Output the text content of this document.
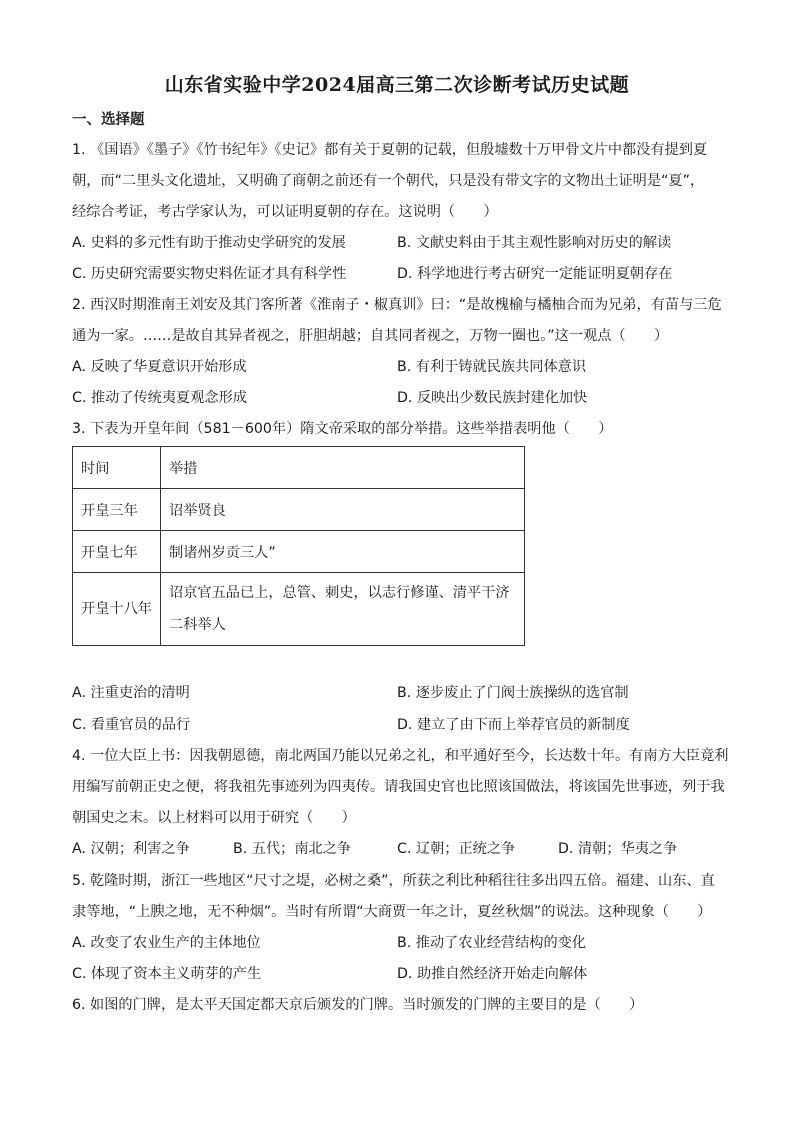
山东省实验中学2024届高三第二次诊断考试历史试题
一、选择题
1. 《国语》《墨子》《竹书纪年》《史记》都有关于夏朝的记载，但殷墟数十万甲骨文片中都没有提到夏
朝，而“二里头文化遗址，又明确了商朝之前还有一个朝代，只是没有带文字的文物出土证明是“夏”，
经综合考证，考古学家认为，可以证明夏朝的存在。这说明（　　）
A. 史料的多元性有助于推动史学研究的发展	B. 文献史料由于其主观性影响对历史的解读
C. 历史研究需要实物史料佐证才具有科学性	D. 科学地进行考古研究一定能证明夏朝存在
2. 西汉时期淮南王刘安及其门客所著《淮南子・椒真训》曰：“是故槐榆与橘柚合而为兄弟，有苗与三危
通为一家。……是故自其异者视之，肝胆胡越；自其同者视之，万物一圈也。”这一观点（　　）
A. 反映了华夏意识开始形成	B. 有利于铸就民族共同体意识
C. 推动了传统夷夏观念形成	D. 反映出少数民族封建化加快
3. 下表为开皇年间（581－600年）隋文帝采取的部分举措。这些举措表明他（　　）
时间	举措
开皇三年	诏举贤良
开皇七年	制诸州岁贡三人”
开皇十八年	诏京官五品已上，总管、刺史，以志行修谨、清平干济二科举人
A. 注重吏治的清明	B. 逐步废止了门阀士族操纵的选官制
C. 看重官员的品行	D. 建立了由下而上举荐官员的新制度
4. 一位大臣上书：因我朝恩德，南北两国乃能以兄弟之礼，和平通好至今，长达数十年。有南方大臣竟利
用编写前朝正史之便，将我祖先事迹列为四夷传。请我国史官也比照该国做法，将该国先世事迹，列于我
朝国史之末。以上材料可以用于研究（　　）
A. 汉朝；利害之争	B. 五代；南北之争	C. 辽朝；正统之争	D. 清朝；华夷之争
5. 乾隆时期，浙江一些地区“尺寸之堤，必树之桑”，所获之利比种稻往往多出四五倍。福建、山东、直
隶等地，“上腴之地，无不种烟”。当时有所谓“大商贾一年之计，夏丝秋烟”的说法。这种现象（　　）
A. 改变了农业生产的主体地位	B. 推动了农业经营结构的变化
C. 体现了资本主义萌芽的产生	D. 助推自然经济开始走向解体
6. 如图的门牌，是太平天国定都天京后颁发的门牌。当时颁发的门牌的主要目的是（　　）
